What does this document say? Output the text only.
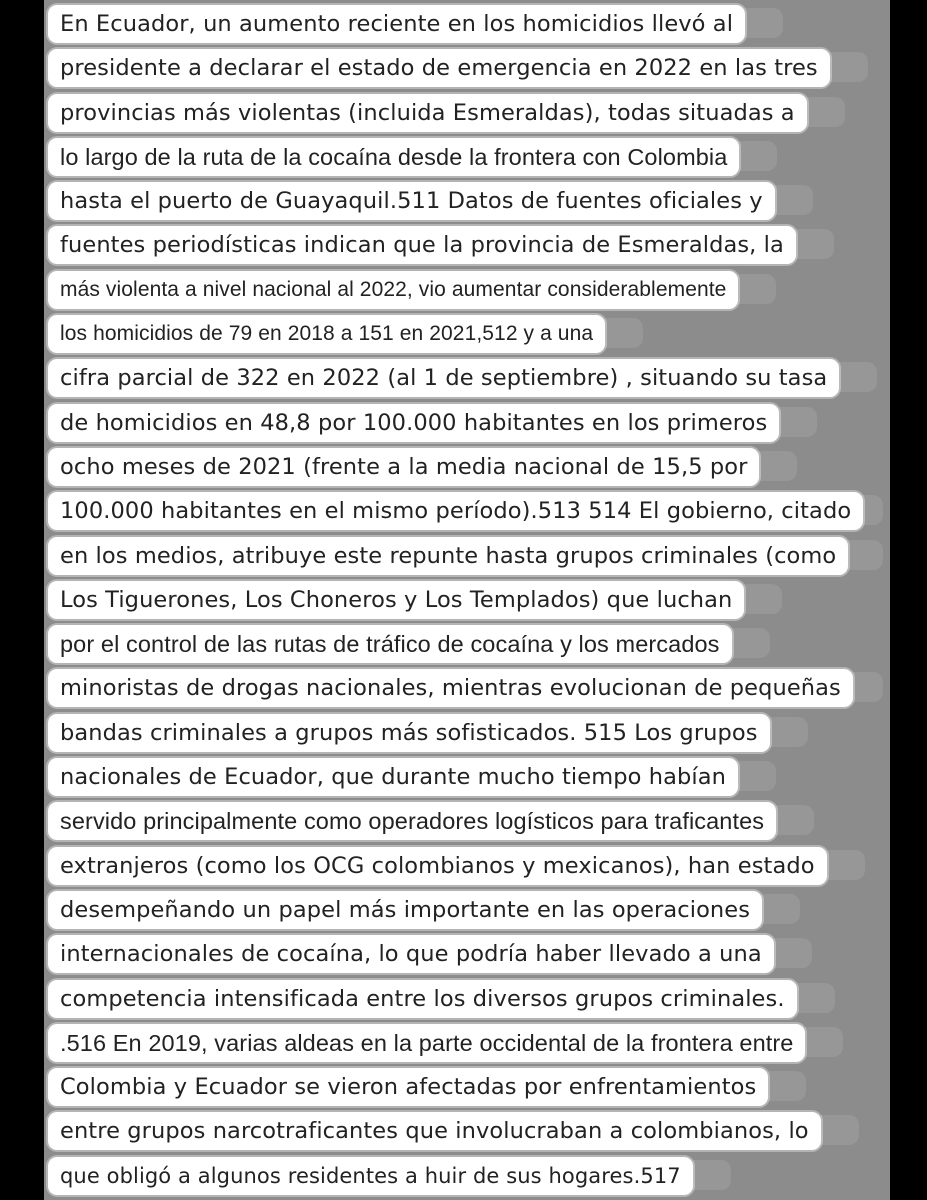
En Ecuador, un aumento reciente en los homicidios llevó al
presidente a declarar el estado de emergencia en 2022 en las tres
provincias más violentas (incluida Esmeraldas), todas situadas a
lo largo de la ruta de la cocaína desde la frontera con Colombia
hasta el puerto de Guayaquil.511 Datos de fuentes oficiales y
fuentes periodísticas indican que la provincia de Esmeraldas, la
más violenta a nivel nacional al 2022, vio aumentar considerablemente
los homicidios de 79 en 2018 a 151 en 2021,512 y a una
cifra parcial de 322 en 2022 (al 1 de septiembre) , situando su tasa
de homicidios en 48,8 por 100.000 habitantes en los primeros
ocho meses de 2021 (frente a la media nacional de 15,5 por
100.000 habitantes en el mismo período).513 514 El gobierno, citado
en los medios, atribuye este repunte hasta grupos criminales (como
Los Tiguerones, Los Choneros y Los Templados) que luchan
por el control de las rutas de tráfico de cocaína y los mercados
minoristas de drogas nacionales, mientras evolucionan de pequeñas
bandas criminales a grupos más sofisticados. 515 Los grupos
nacionales de Ecuador, que durante mucho tiempo habían
servido principalmente como operadores logísticos para traficantes
extranjeros (como los OCG colombianos y mexicanos), han estado
desempeñando un papel más importante en las operaciones
internacionales de cocaína, lo que podría haber llevado a una
competencia intensificada entre los diversos grupos criminales.
.516 En 2019, varias aldeas en la parte occidental de la frontera entre
Colombia y Ecuador se vieron afectadas por enfrentamientos
entre grupos narcotraficantes que involucraban a colombianos, lo
que obligó a algunos residentes a huir de sus hogares.517
